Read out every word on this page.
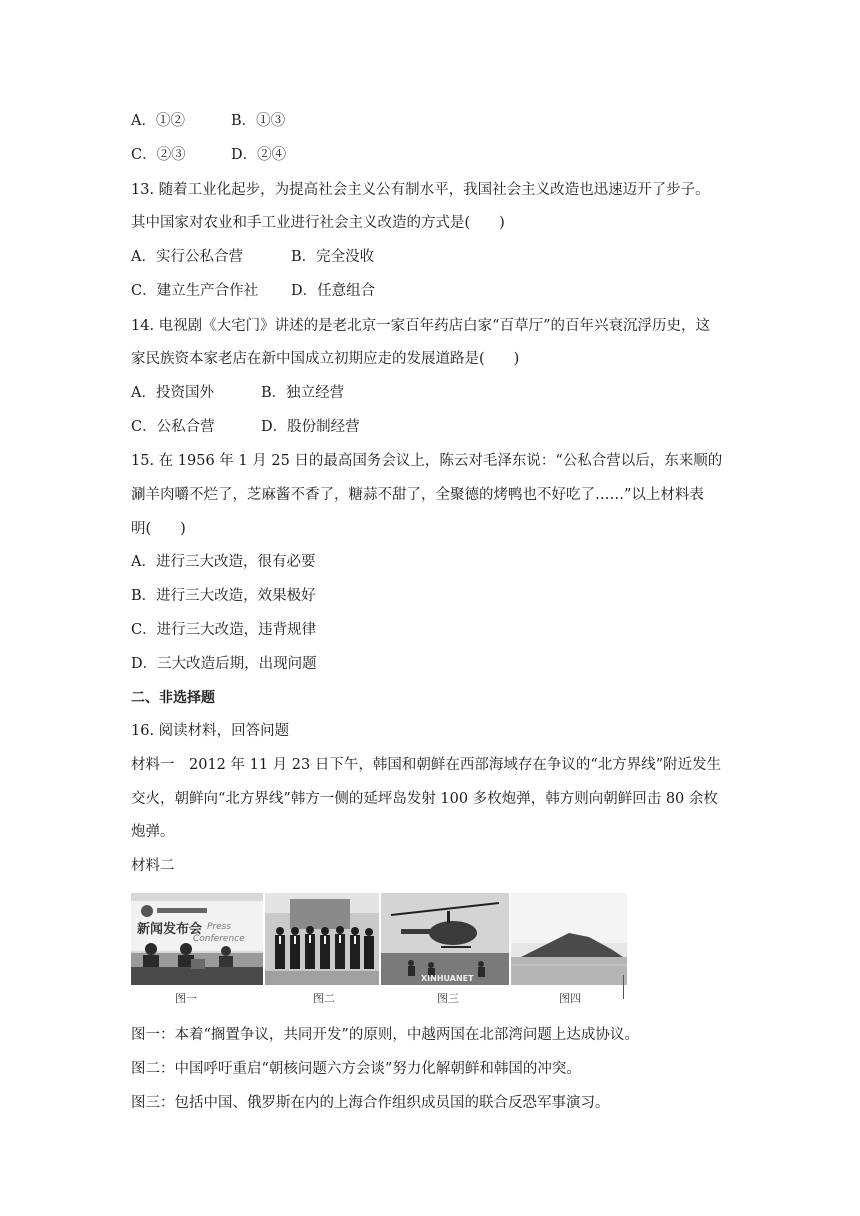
A．①②	B．①③
C．②③	D．②④
13. 随着工业化起步，为提高社会主义公有制水平，我国社会主义改造也迅速迈开了步子。
其中国家对农业和手工业进行社会主义改造的方式是(　　)
A．实行公私合营	B．完全没收
C．建立生产合作社 D．任意组合
14. 电视剧《大宅门》讲述的是老北京一家百年药店白家“百草厅”的百年兴衰沉浮历史，这
家民族资本家老店在新中国成立初期应走的发展道路是(　　)
A．投资国外	B．独立经营
C．公私合营	D．股份制经营
15. 在 1956 年 1 月 25 日的最高国务会议上，陈云对毛泽东说：“公私合营以后，东来顺的
涮羊肉嚼不烂了，芝麻酱不香了，糖蒜不甜了，全聚德的烤鸭也不好吃了……”以上材料表
明(　　)
A．进行三大改造，很有必要
B．进行三大改造，效果极好
C．进行三大改造，违背规律
D．三大改造后期，出现问题
二、非选择题
16. 阅读材料，回答问题
材料一　2012 年 11 月 23 日下午，韩国和朝鲜在西部海域存在争议的“北方界线”附近发生
交火，朝鲜向“北方界线”韩方一侧的延坪岛发射 100 多枚炮弹，韩方则向朝鲜回击 80 余枚
炮弹。
材料二
新闻发布会 Press
Conference
XINHUANET
图一	图二	图三	图四
图一：本着“搁置争议，共同开发”的原则，中越两国在北部湾问题上达成协议。
图二：中国呼吁重启“朝核问题六方会谈”努力化解朝鲜和韩国的冲突。
图三：包括中国、俄罗斯在内的上海合作组织成员国的联合反恐军事演习。
